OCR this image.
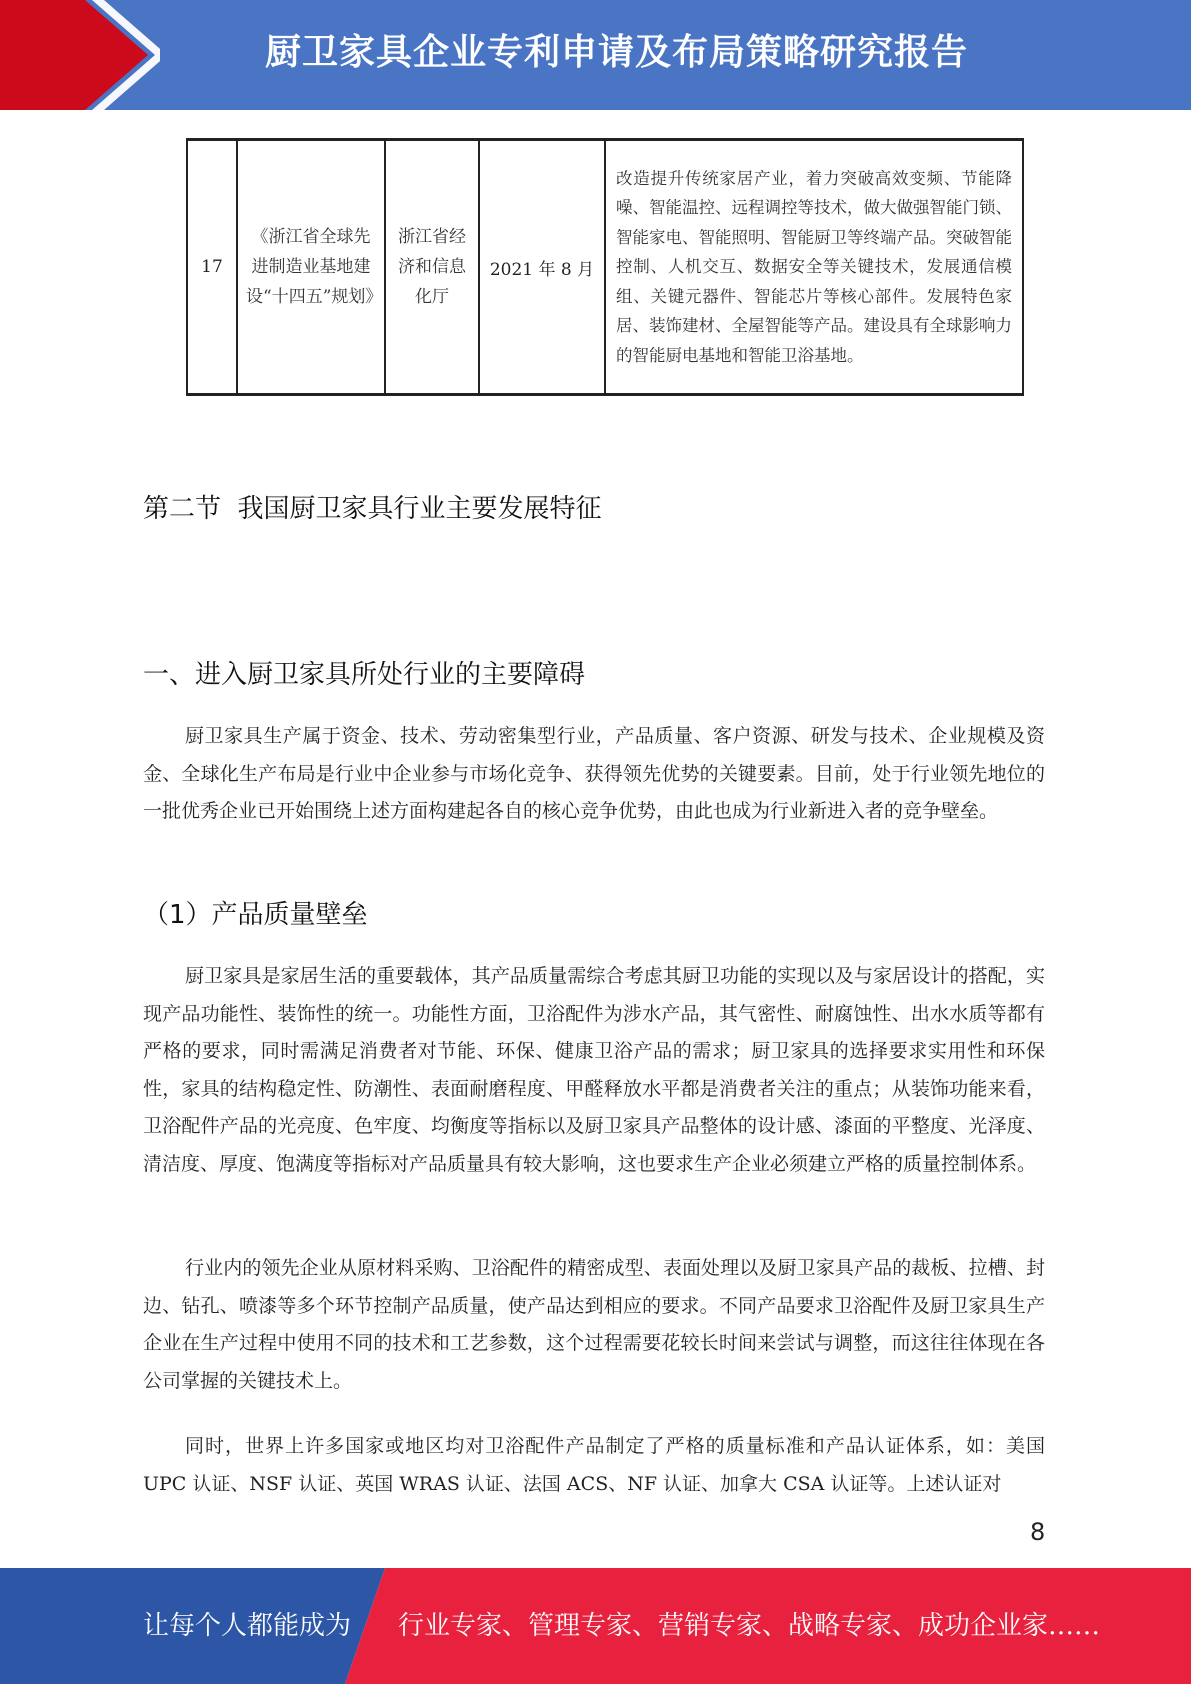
厨卫家具企业专利申请及布局策略研究报告
17	《浙江省全球先进制造业基地建设“十四五”规划》	浙江省经济和信息化厅	2021 年 8 月	改造提升传统家居产业，着力突破高效变频、节能降噪、智能温控、远程调控等技术，做大做强智能门锁、智能家电、智能照明、智能厨卫等终端产品。突破智能控制、人机交互、数据安全等关键技术，发展通信模组、关键元器件、智能芯片等核心部件。发展特色家居、装饰建材、全屋智能等产品。建设具有全球影响力的智能厨电基地和智能卫浴基地。
第二节  我国厨卫家具行业主要发展特征
一、进入厨卫家具所处行业的主要障碍

厨卫家具生产属于资金、技术、劳动密集型行业，产品质量、客户资源、研发与技术、企业规模及资金、全球化生产布局是行业中企业参与市场化竞争、获得领先优势的关键要素。目前，处于行业领先地位的一批优秀企业已开始围绕上述方面构建起各自的核心竞争优势，由此也成为行业新进入者的竞争壁垒。

（1）产品质量壁垒

厨卫家具是家居生活的重要载体，其产品质量需综合考虑其厨卫功能的实现以及与家居设计的搭配，实现产品功能性、装饰性的统一。功能性方面，卫浴配件为涉水产品，其气密性、耐腐蚀性、出水水质等都有严格的要求，同时需满足消费者对节能、环保、健康卫浴产品的需求；厨卫家具的选择要求实用性和环保性，家具的结构稳定性、防潮性、表面耐磨程度、甲醛释放水平都是消费者关注的重点；从装饰功能来看，卫浴配件产品的光亮度、色牢度、均衡度等指标以及厨卫家具产品整体的设计感、漆面的平整度、光泽度、清洁度、厚度、饱满度等指标对产品质量具有较大影响，这也要求生产企业必须建立严格的质量控制体系。

行业内的领先企业从原材料采购、卫浴配件的精密成型、表面处理以及厨卫家具产品的裁板、拉槽、封边、钻孔、喷漆等多个环节控制产品质量，使产品达到相应的要求。不同产品要求卫浴配件及厨卫家具生产企业在生产过程中使用不同的技术和工艺参数，这个过程需要花较长时间来尝试与调整，而这往往体现在各公司掌握的关键技术上。

同时，世界上许多国家或地区均对卫浴配件产品制定了严格的质量标准和产品认证体系，如：美国 UPC 认证、NSF 认证、英国 WRAS 认证、法国 ACS、NF 认证、加拿大 CSA 认证等。上述认证对

8
让每个人都能成为 行业专家、管理专家、营销专家、战略专家、成功企业家……
